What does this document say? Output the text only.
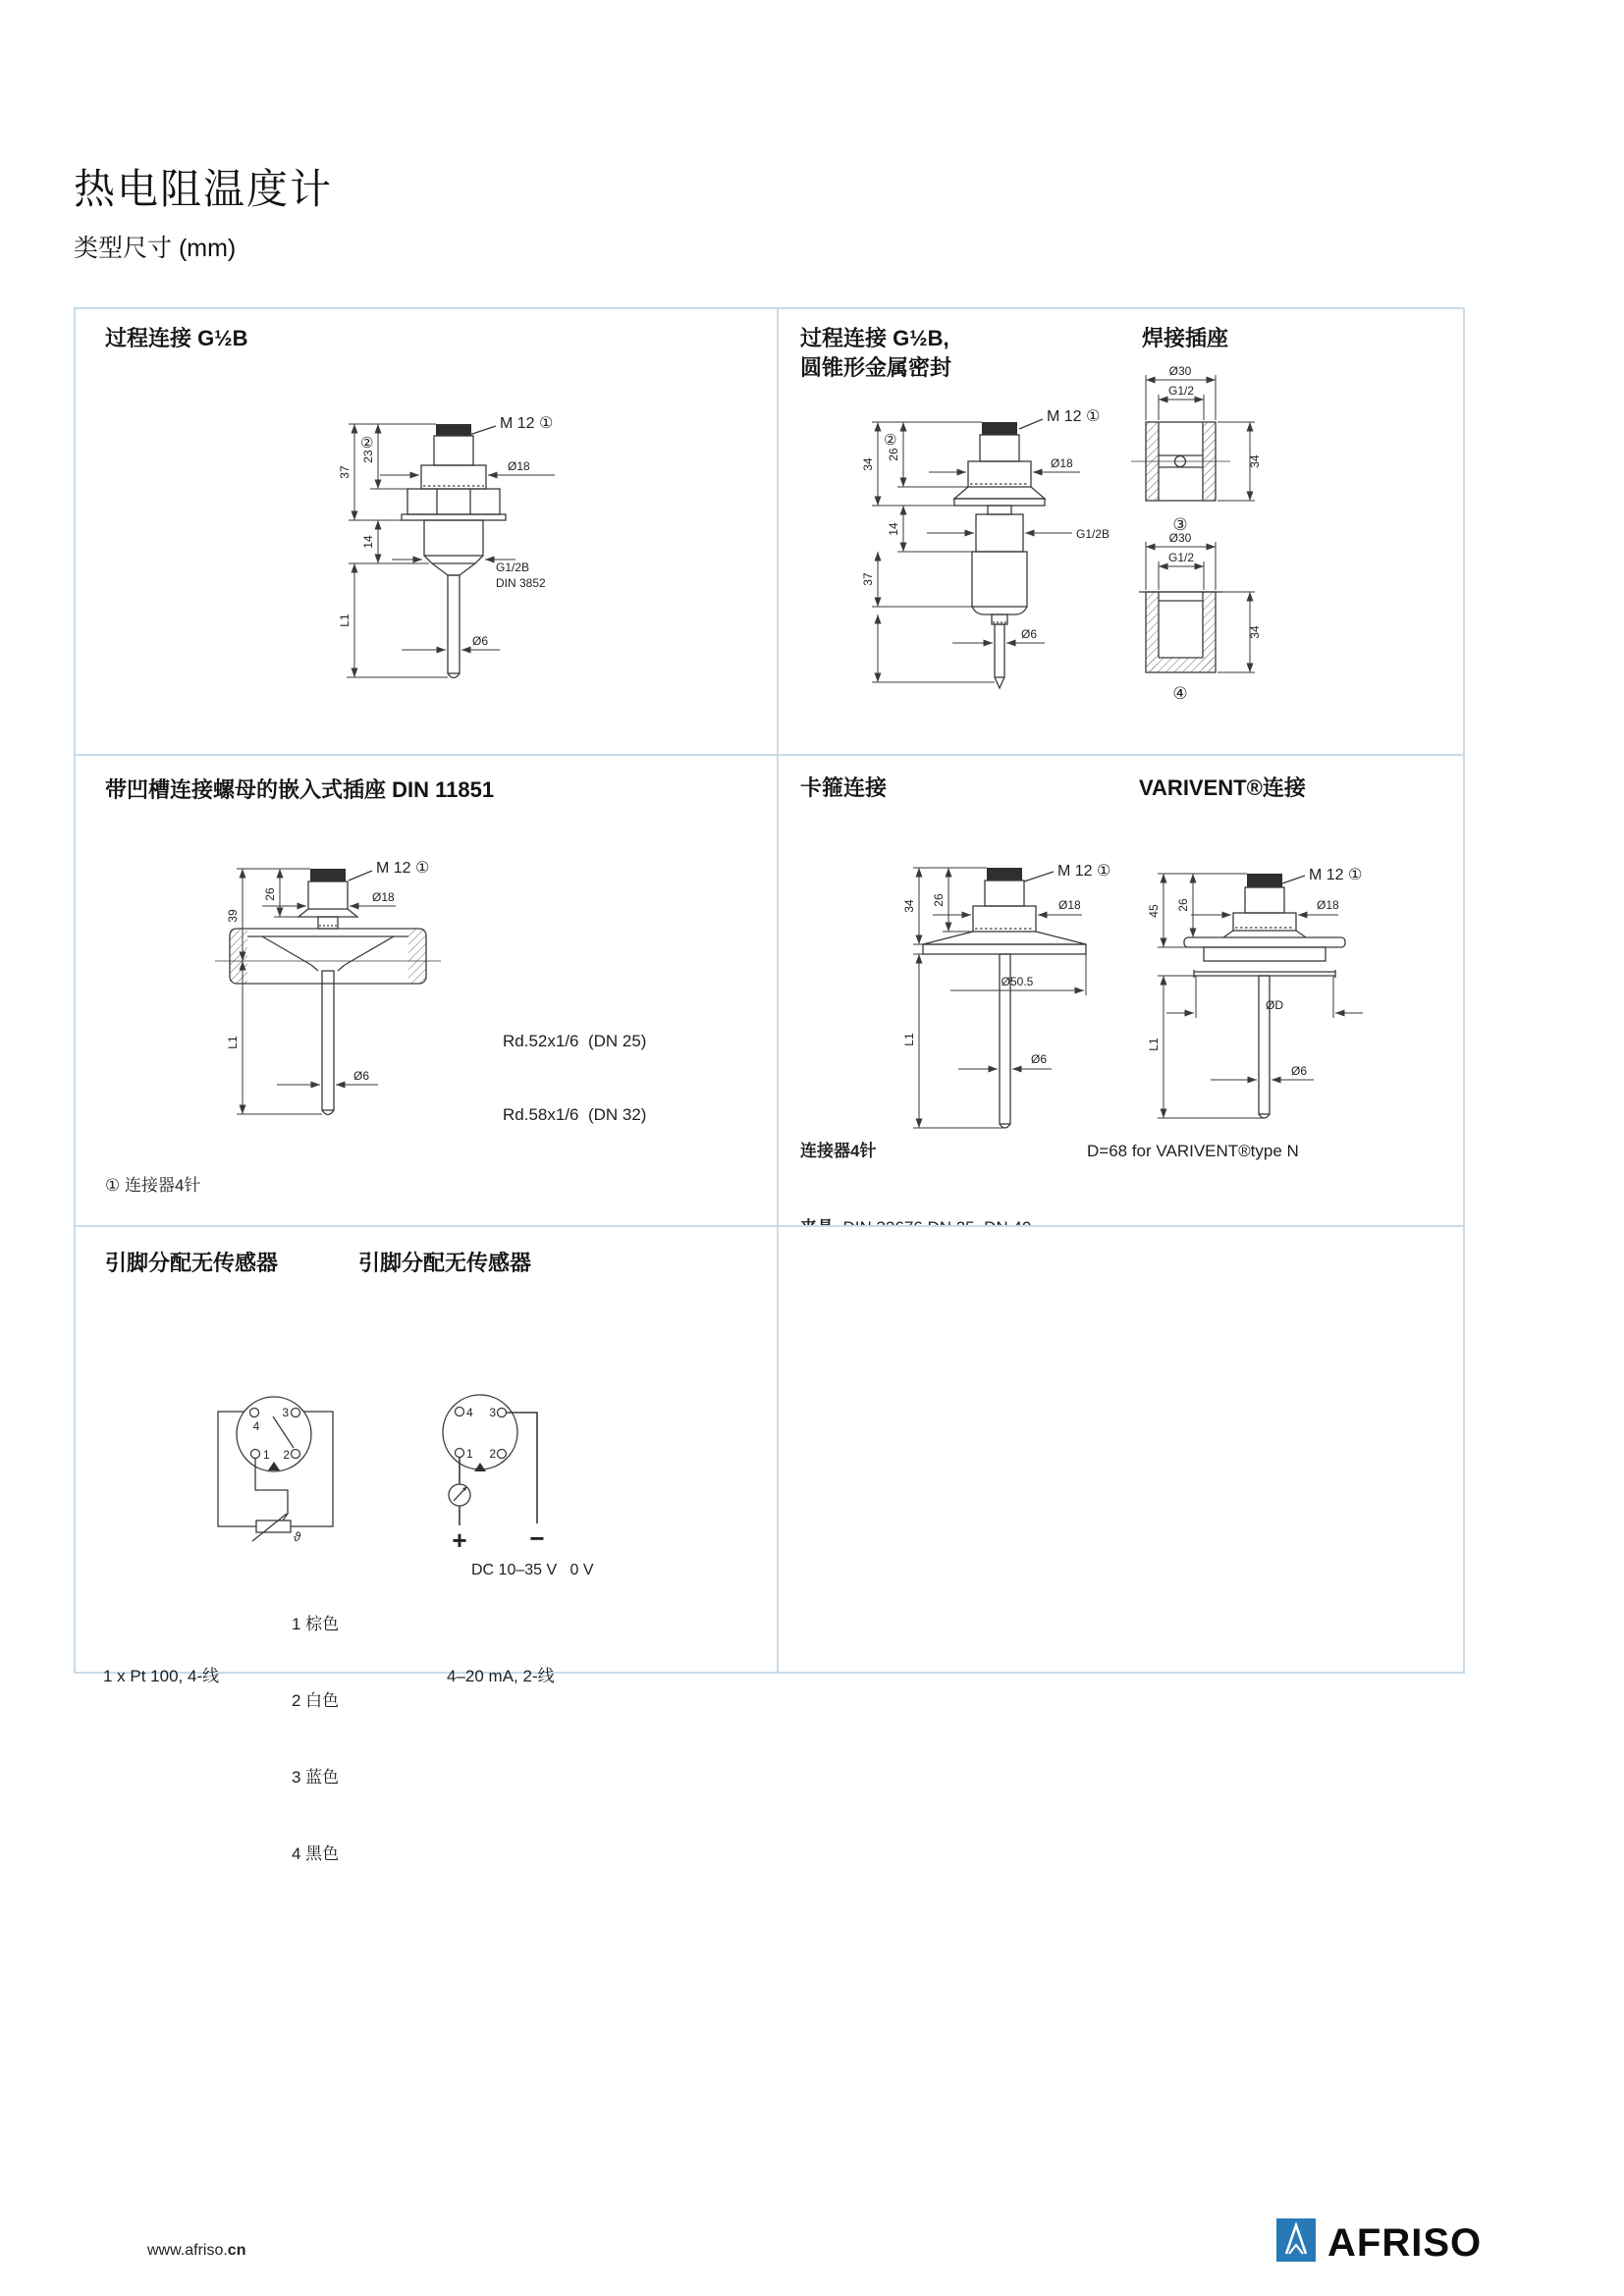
热电阻温度计
类型尺寸 (mm)
过程连接 G½B
M 12 ①
②
23
37
14
L1
Ø18
Ø6
G1/2B
DIN 3852

过程连接 G½B,
圆锥形金属密封
焊接插座
M 12 ①
②
26
34
14
37
Ø18
G1/2B
Ø6
Ø30
G1/2
34
③
Ø30
G1/2
34
④

带凹槽连接螺母的嵌入式插座 DIN 11851
M 12 ①
26
39
L1
Ø18
Ø6

Rd.52x1/6  (DN 25)

Rd.58x1/6  (DN 32)

① 连接器4针
卡箍连接	VARIVENT®连接
M 12 ①
26
34
L1
Ø18
Ø50.5
Ø6
M 12 ①
26
45
L1
Ø18
ØD
Ø6
连接器4针

	D=68 for VARIVENT®type N
引脚分配无传感器	引脚分配无传感器
4
3
1 2
ϑ

1 棕色

2 白色

3 蓝色

4 黑色

1 x Pt 100, 4-线
4 3
1 2
+ −
DC 10–35 V   0 V
4–20 mA, 2-线
www.afriso.cn	AFRISO
